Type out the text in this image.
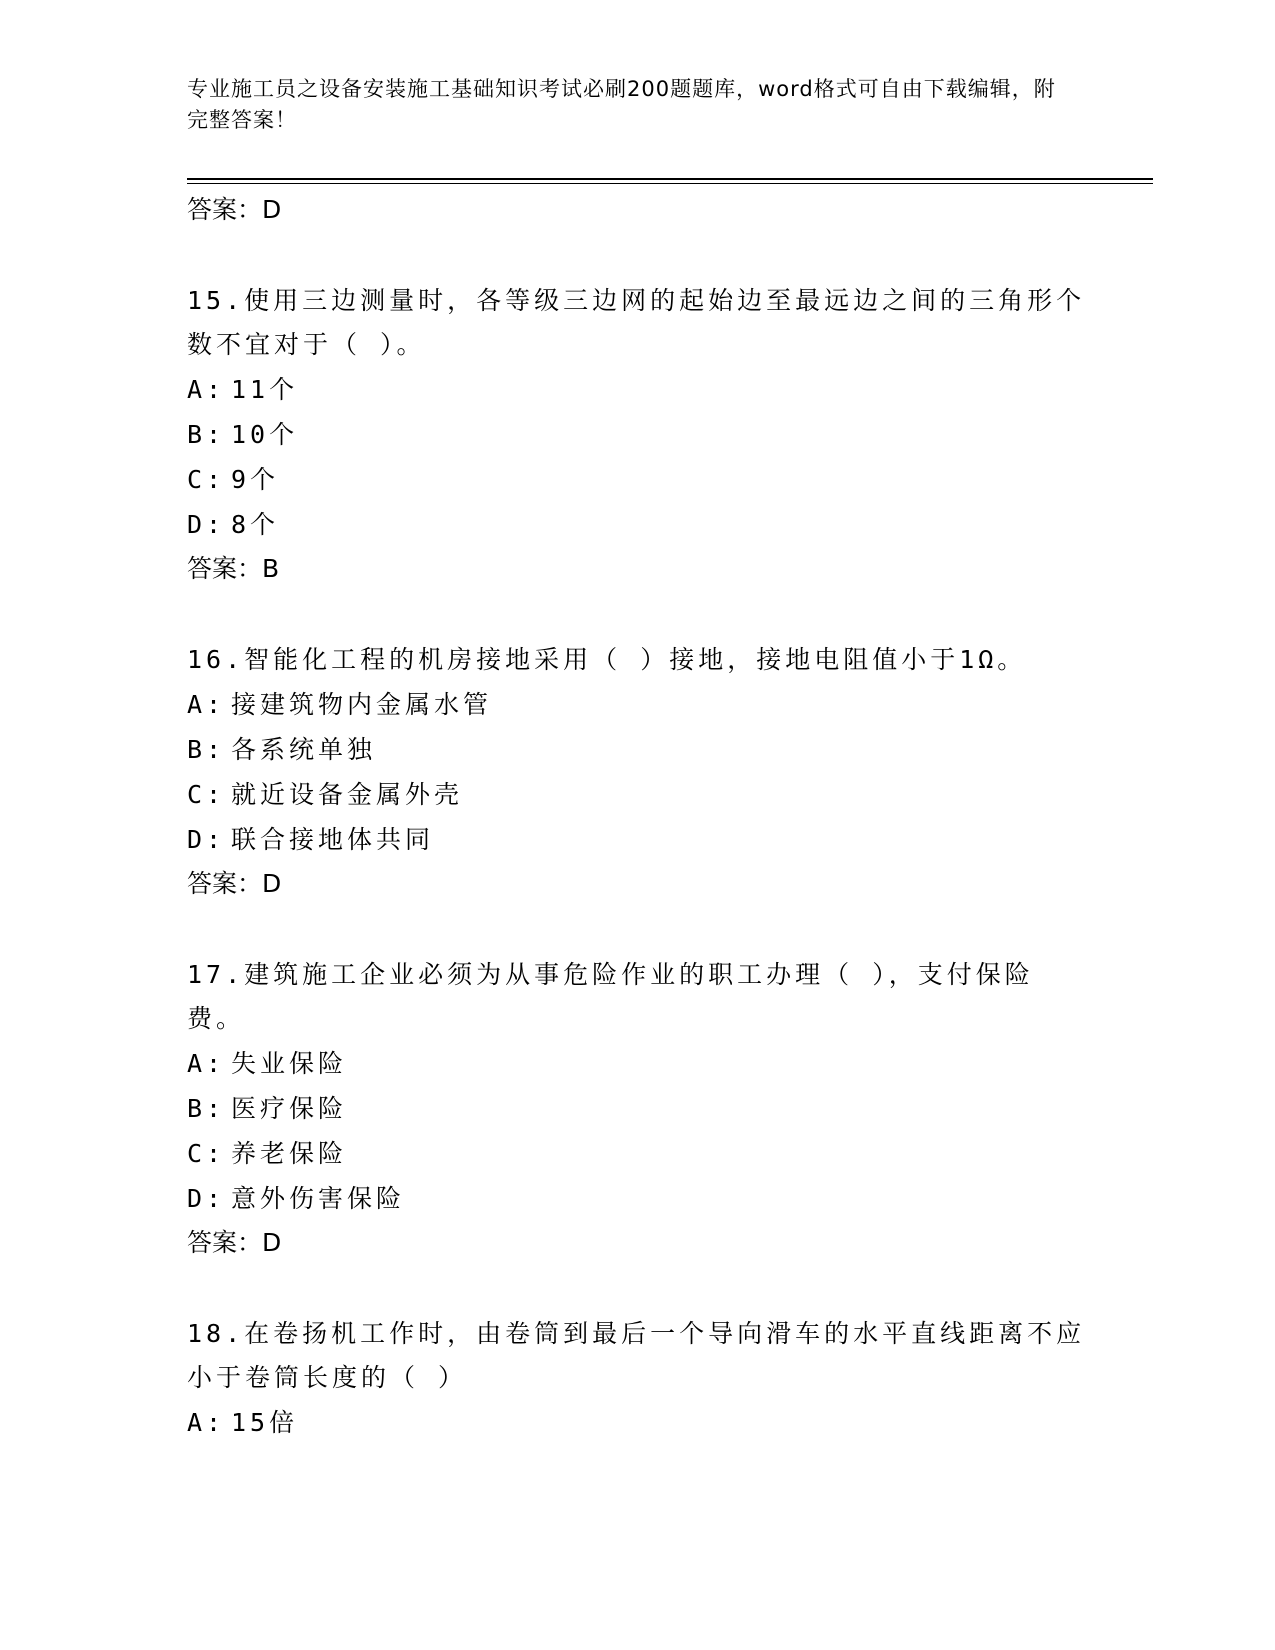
专业施工员之设备安装施工基础知识考试必刷200题题库，word格式可自由下载编辑，附完整答案！

答案：D

15.使用三边测量时，各等级三边网的起始边至最远边之间的三角形个数不宜对于（ ）。

A: 11个

B: 10个

C: 9个

D: 8个

答案：B

16.智能化工程的机房接地采用（ ）接地，接地电阻值小于1Ω。

A: 接建筑物内金属水管

B: 各系统单独

C: 就近设备金属外壳

D: 联合接地体共同

答案：D

17.建筑施工企业必须为从事危险作业的职工办理（ ），支付保险费。

A: 失业保险

B: 医疗保险

C: 养老保险

D: 意外伤害保险

答案：D

18.在卷扬机工作时，由卷筒到最后一个导向滑车的水平直线距离不应小于卷筒长度的（ ）

A: 15倍
